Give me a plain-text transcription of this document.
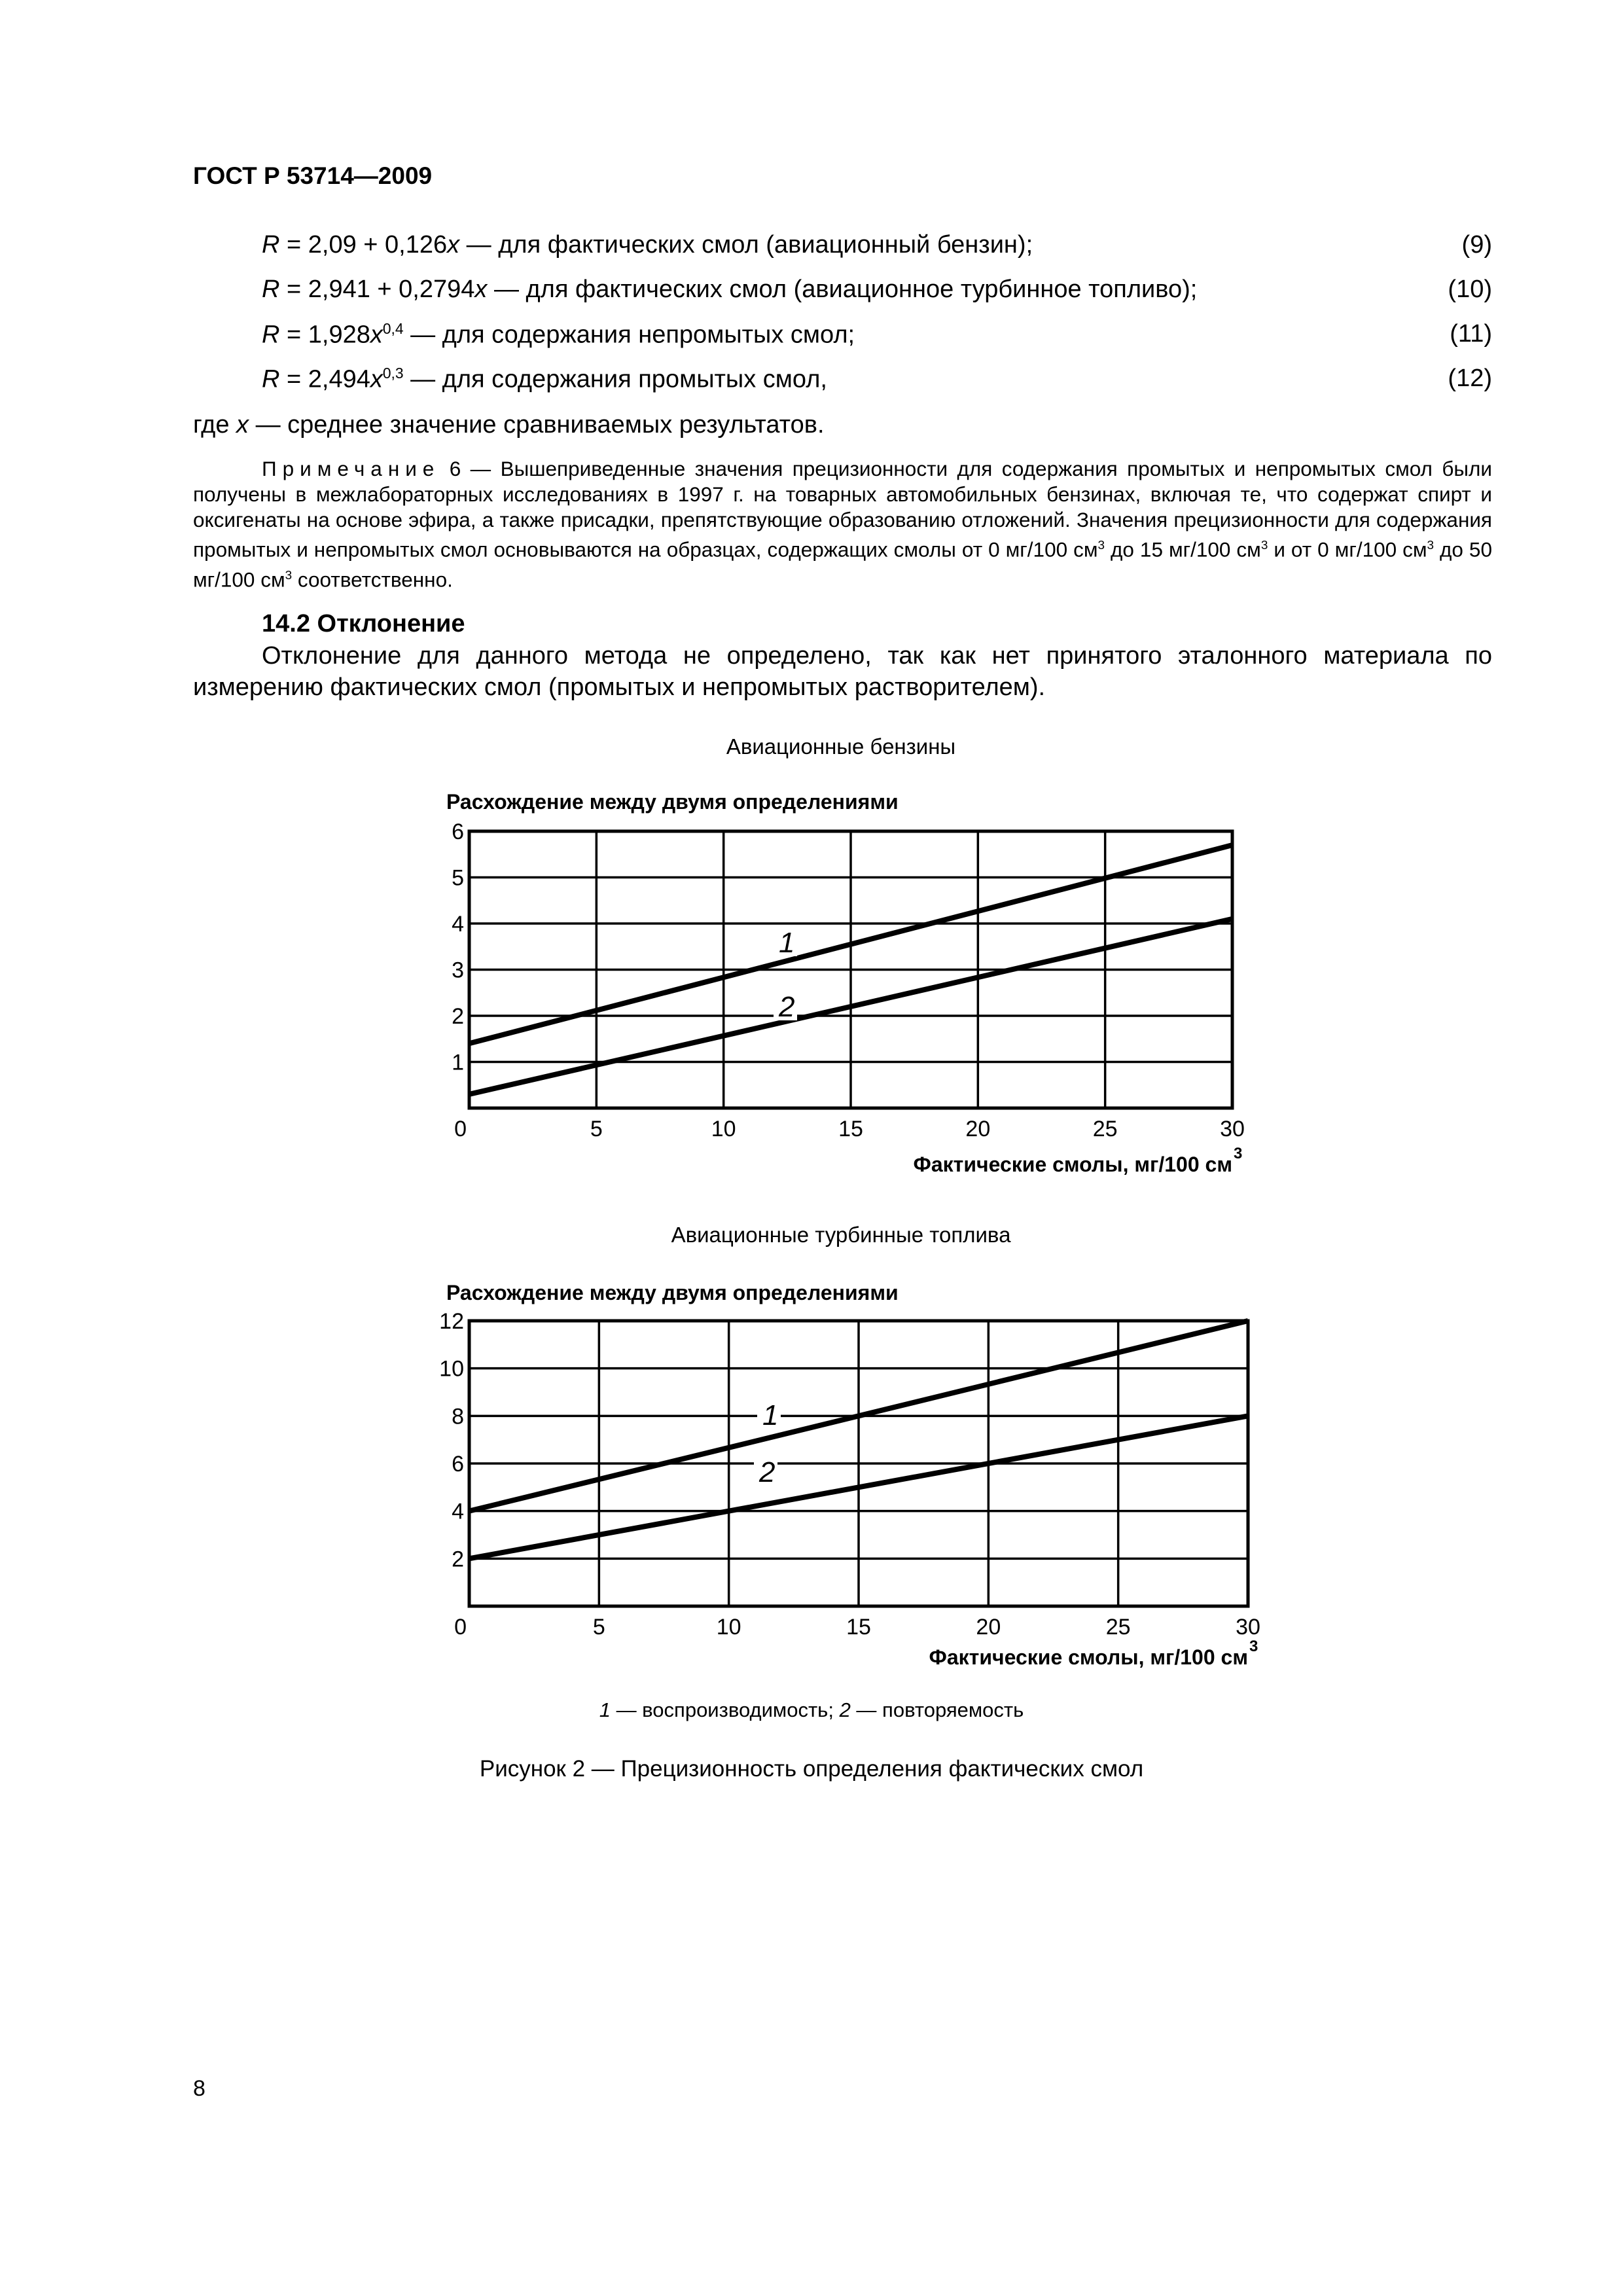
ГОСТ Р 53714—2009
R = 2,09 + 0,126x — для фактических смол (авиационный бензин);	(9)
R = 2,941 + 0,2794x — для фактических смол (авиационное турбинное топливо);	(10)
$R = 1,928x^{0,4}$ — для содержания непромытых смол;	(11)
$R = 2,494x^{0,3}$ — для содержания промытых смол,	(12)
где x — среднее значение сравниваемых результатов.
Примечание 6 — Вышеприведенные значения прецизионности для содержания промытых и непромытых смол были получены в межлабораторных исследованиях в 1997 г. на товарных автомобильных бензинах, включая те, что содержат спирт и оксигенаты на основе эфира, а также присадки, препятствующие образованию отложений. Значения прецизионности для содержания промытых и непромытых смол основываются на образцах, содержащих смолы от 0 мг/100 $см^3$ до 15 мг/100 $см^3$ и от 0 мг/100 $см^3$ до 50 мг/100 $см^3$ соответственно.
14.2 Отклонение
Отклонение для данного метода не определено, так как нет принятого эталонного материала по измерению фактических смол (промытых и непромытых растворителем).
Авиационные бензины
Авиационные турбинные топлива
1
2
1
2
3
4
5
6
0	5	10	15	20	25	30
Расхождение между двумя определениями
Фактические смолы, мг/100 см 3
1
2
2
4
6
8
10
12
0	5	10	15	20	25	30
Расхождение между двумя определениями
Фактические смолы, мг/100 см 3
1 — воспроизводимость; 2 — повторяемость
Рисунок 2 — Прецизионность определения фактических смол
8
